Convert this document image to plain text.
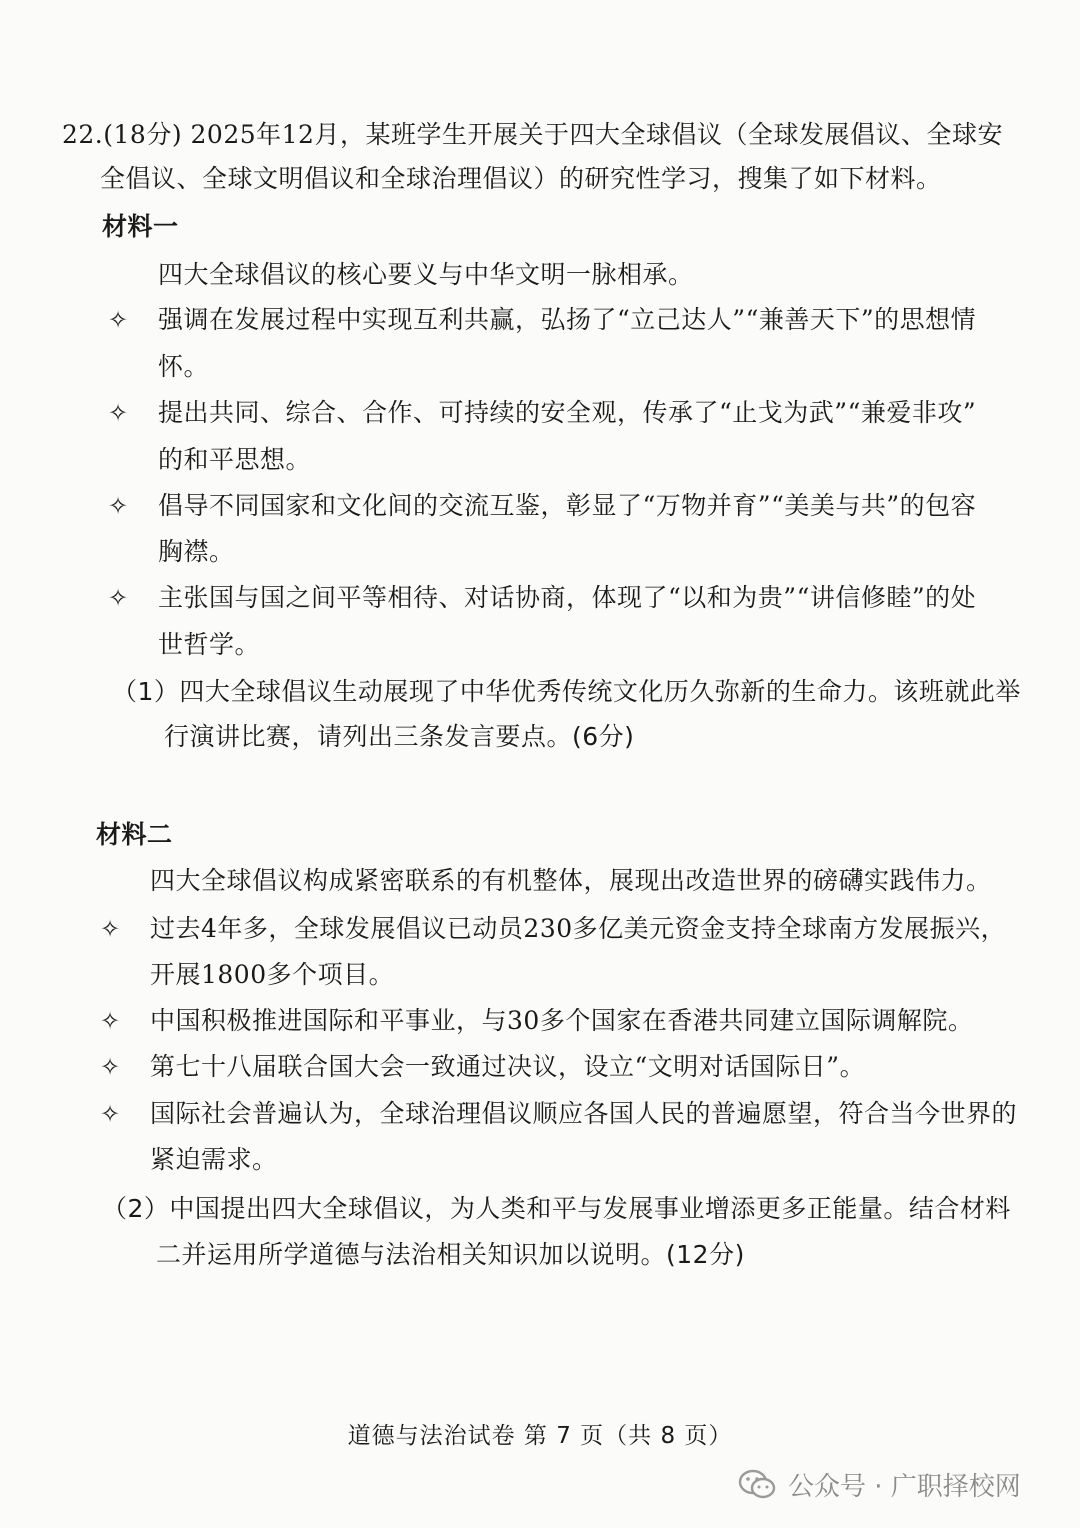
22.(18分) 2025年12月，某班学生开展关于四大全球倡议（全球发展倡议、全球安
全倡议、全球文明倡议和全球治理倡议）的研究性学习，搜集了如下材料。
材料一
四大全球倡议的核心要义与中华文明一脉相承。
✧ 强调在发展过程中实现互利共赢，弘扬了“立己达人”“兼善天下”的思想情
怀。
✧ 提出共同、综合、合作、可持续的安全观，传承了“止戈为武”“兼爱非攻”
的和平思想。
✧ 倡导不同国家和文化间的交流互鉴，彰显了“万物并育”“美美与共”的包容
胸襟。
✧ 主张国与国之间平等相待、对话协商，体现了“以和为贵”“讲信修睦”的处
世哲学。
（1）四大全球倡议生动展现了中华优秀传统文化历久弥新的生命力。该班就此举
行演讲比赛，请列出三条发言要点。(6分)
材料二
四大全球倡议构成紧密联系的有机整体，展现出改造世界的磅礴实践伟力。
✧ 过去4年多，全球发展倡议已动员230多亿美元资金支持全球南方发展振兴，
开展1800多个项目。
✧ 中国积极推进国际和平事业，与30多个国家在香港共同建立国际调解院。
✧ 第七十八届联合国大会一致通过决议，设立“文明对话国际日”。
✧ 国际社会普遍认为，全球治理倡议顺应各国人民的普遍愿望，符合当今世界的
紧迫需求。
（2）中国提出四大全球倡议，为人类和平与发展事业增添更多正能量。结合材料
二并运用所学道德与法治相关知识加以说明。(12分)
道德与法治试卷 第 7 页（共 8 页）
公众号 · 广职择校网
